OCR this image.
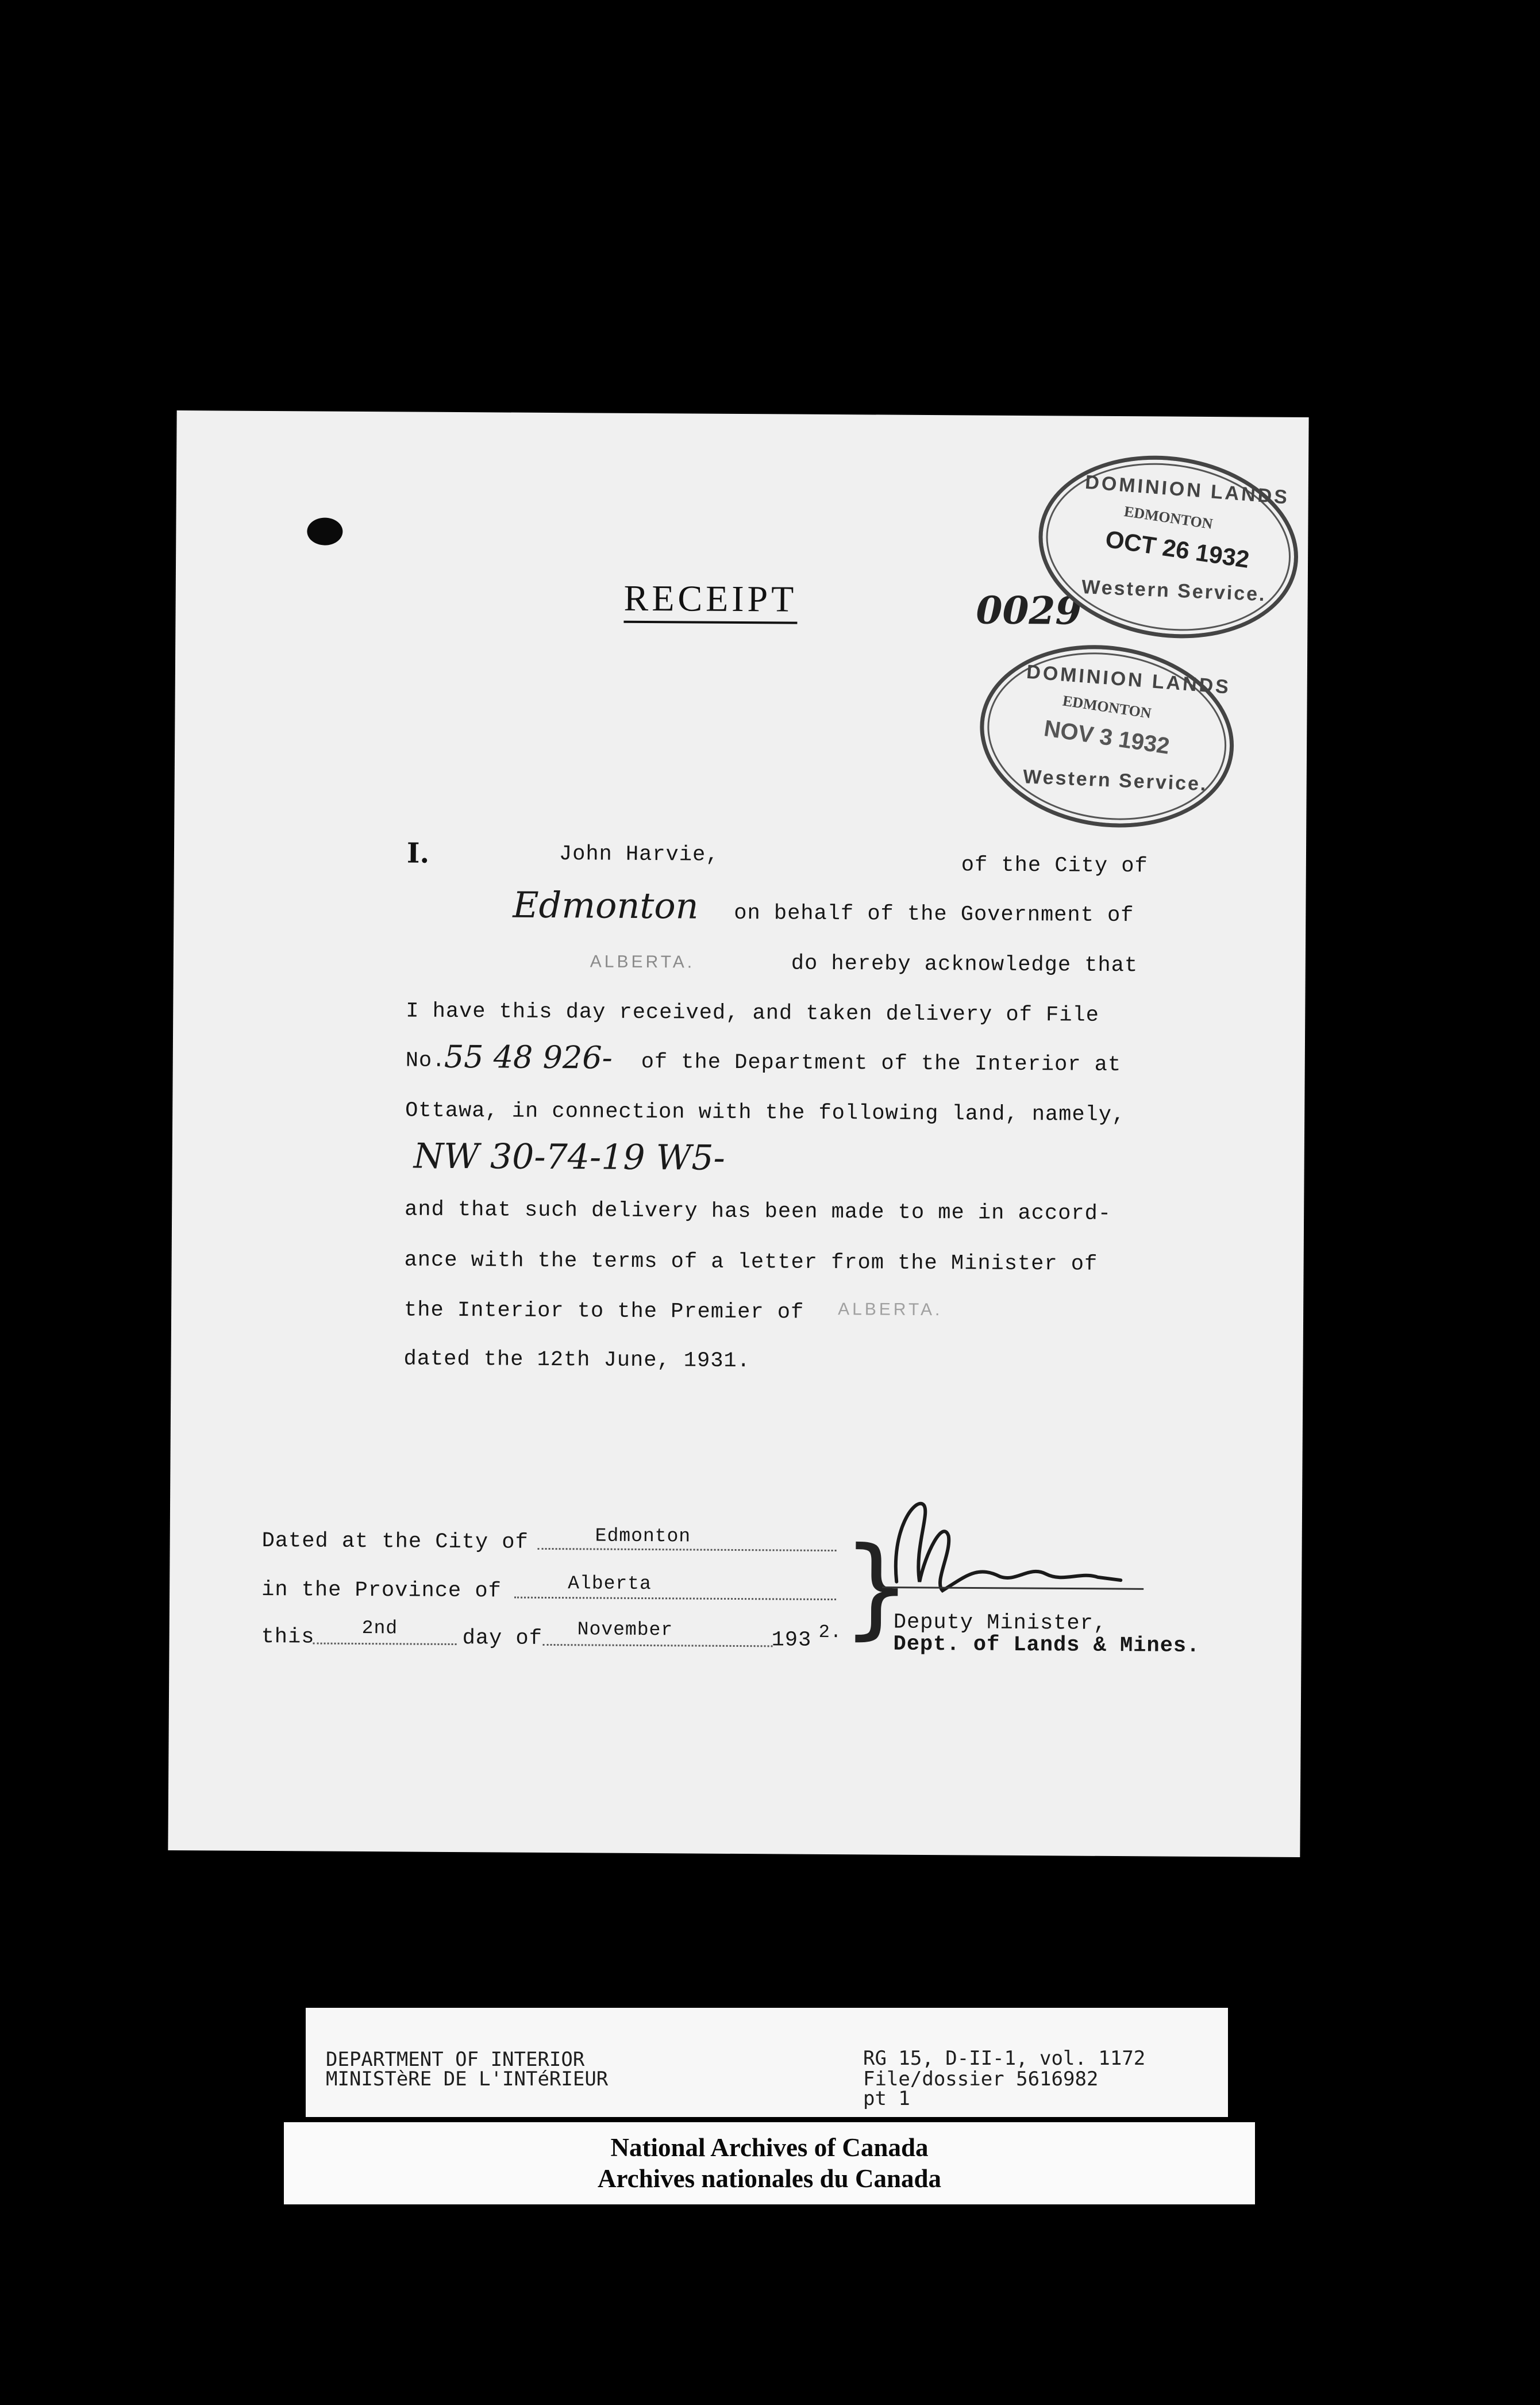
RECEIPT	0029
DOMINION LANDS
EDMONTON
OCT 26 1932
Western Service.
DOMINION LANDS
EDMONTON
NOV 3 1932
Western Service.
I.	John Harvie,	of the City of
Edmonton on behalf of the Government of
ALBERTA.	do hereby acknowledge that
I have this day received, and taken delivery of File
No.
55 48 926- of the Department of the Interior at
Ottawa, in connection with the following land, namely,
NW 30-74-19 W5-
and that such delivery has been made to me in accord-
ance with the terms of a letter from the Minister of
the Interior to the Premier of ALBERTA.
dated the 12th June, 1931.
Dated at the City of	Edmonton
in the Province of	Alberta
this 2nd	day of November	193 2. }
Deputy Minister,
Dept. of Lands & Mines.
DEPARTMENT OF INTERIOR
MINISTèRE DE L'INTéRIEUR
RG 15, D-II-1, vol. 1172
File/dossier 5616982
pt 1
National Archives of Canada
Archives nationales du Canada
